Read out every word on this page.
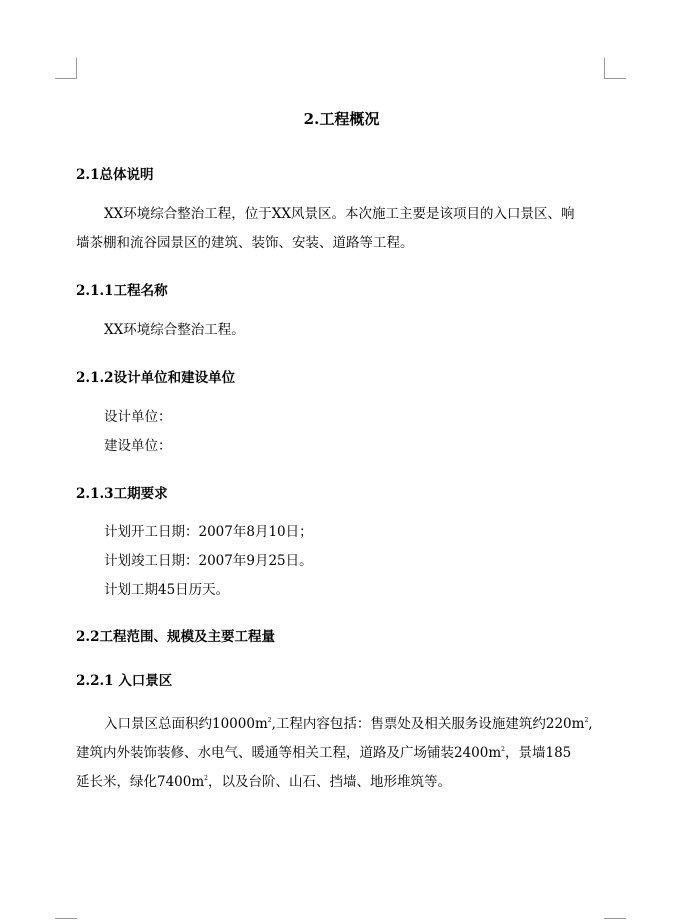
2.工程概况
2.1总体说明
XX环境综合整治工程，位于XX风景区。本次施工主要是该项目的入口景区、响
墙茶棚和流谷园景区的建筑、装饰、安装、道路等工程。
2.1.1工程名称
XX环境综合整治工程。
2.1.2设计单位和建设单位
设计单位：
建设单位：
2.1.3工期要求
计划开工日期：2007年8月10日；
计划竣工日期：2007年9月25日。
计划工期45日历天。
2.2工程范围、规模及主要工程量
2.2.1 入口景区
入口景区总面积约$10000m^2$,工程内容包括：售票处及相关服务设施建筑约$220m^2$,
建筑内外装饰装修、水电气、暖通等相关工程，道路及广场铺装$2400m^2$，景墙185
延长米，绿化$7400m^2$，以及台阶、山石、挡墙、地形堆筑等。
